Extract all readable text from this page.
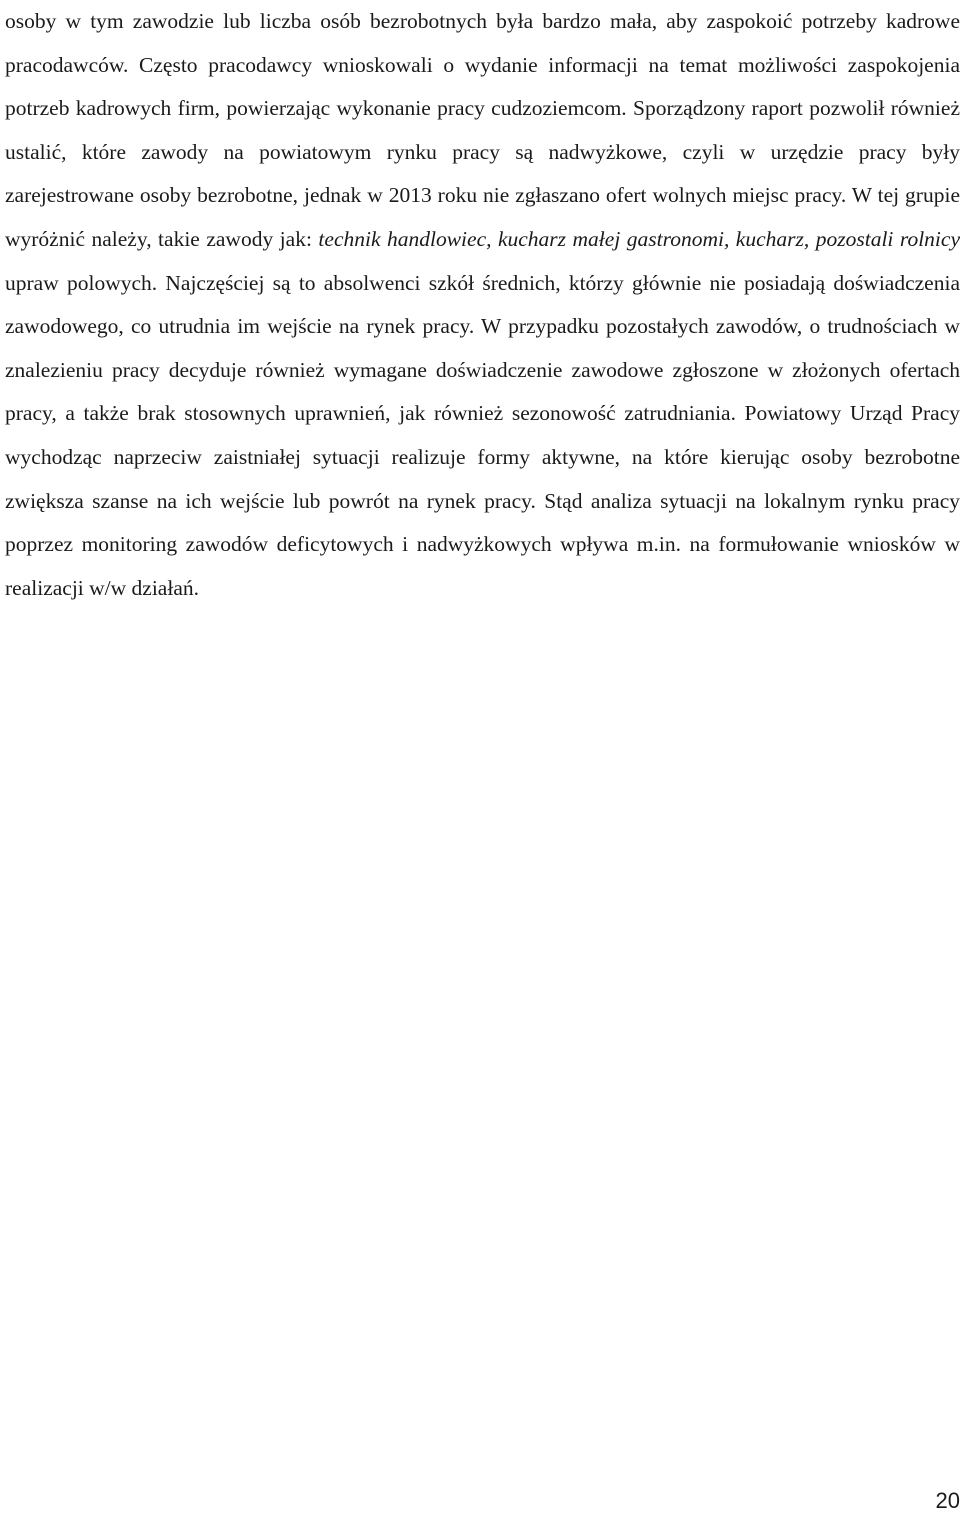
osoby w tym zawodzie lub liczba osób bezrobotnych była bardzo mała, aby zaspokoić potrzeby kadrowe pracodawców. Często pracodawcy wnioskowali o wydanie informacji na temat możliwości zaspokojenia potrzeb kadrowych firm, powierzając wykonanie pracy cudzoziemcom. Sporządzony raport pozwolił również ustalić, które zawody na powiatowym rynku pracy są nadwyżkowe, czyli w urzędzie pracy były zarejestrowane osoby bezrobotne, jednak w 2013 roku nie zgłaszano ofert wolnych miejsc pracy. W tej grupie wyróżnić należy, takie zawody jak: technik handlowiec, kucharz małej gastronomi, kucharz, pozostali rolnicy upraw polowych. Najczęściej są to absolwenci szkół średnich, którzy głównie nie posiadają doświadczenia zawodowego, co utrudnia im wejście na rynek pracy. W przypadku pozostałych zawodów, o trudnościach w znalezieniu pracy decyduje również wymagane doświadczenie zawodowe zgłoszone w złożonych ofertach pracy, a także brak stosownych uprawnień, jak również sezonowość zatrudniania. Powiatowy Urząd Pracy wychodząc naprzeciw zaistniałej sytuacji realizuje formy aktywne, na które kierując osoby bezrobotne zwiększa szanse na ich wejście lub powrót na rynek pracy. Stąd analiza sytuacji na lokalnym rynku pracy poprzez monitoring zawodów deficytowych i nadwyżkowych wpływa m.in. na formułowanie wniosków w realizacji w/w działań.

20
